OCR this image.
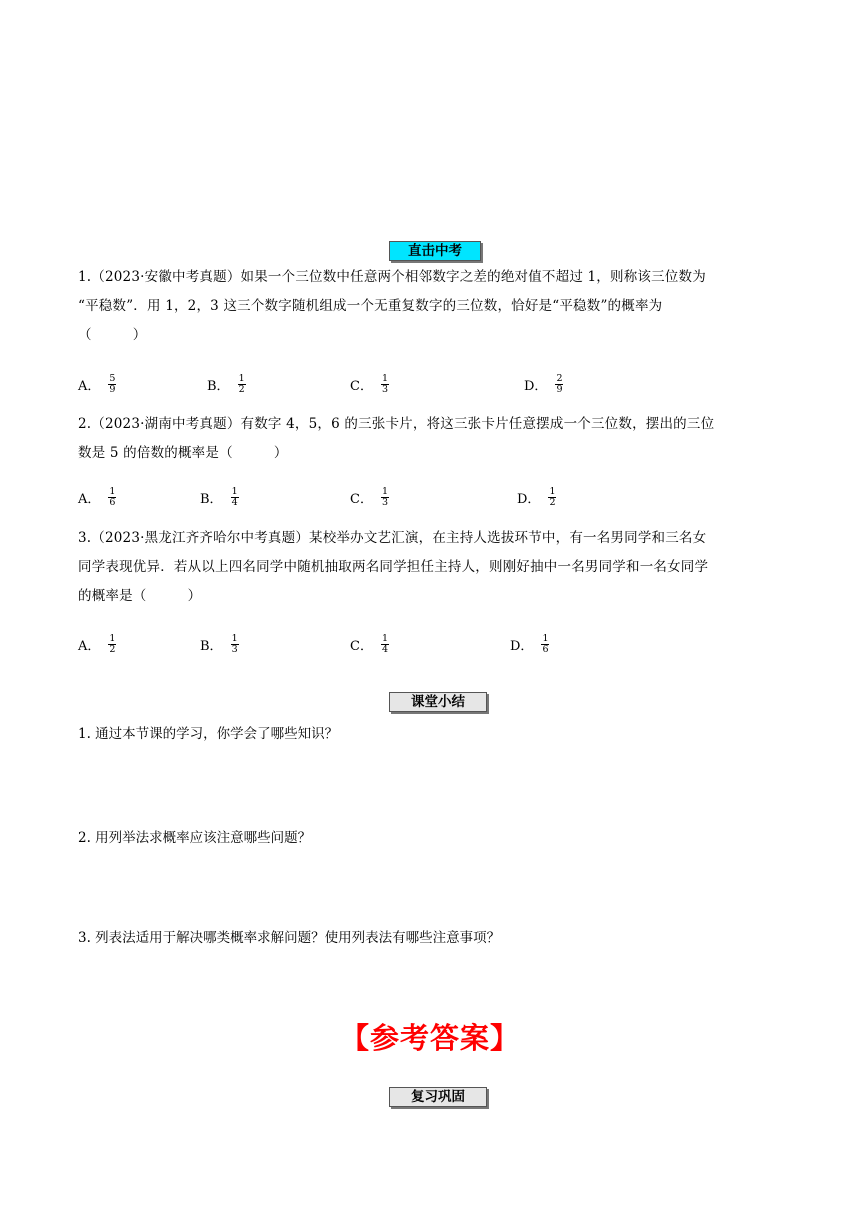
直击中考
1.（2023·安徽中考真题）如果一个三位数中任意两个相邻数字之差的绝对值不超过 1，则称该三位数为
“平稳数”．用 1，2，3 这三个数字随机组成一个无重复数字的三位数，恰好是“平稳数”的概率为
（　　　）
A． $\frac{5}{9}$	B． $\frac{1}{2}$	C． $\frac{1}{3}$	D． $\frac{2}{9}$
2.（2023·湖南中考真题）有数字 4，5，6 的三张卡片，将这三张卡片任意摆成一个三位数，摆出的三位
数是 5 的倍数的概率是（　　　）
A． $\frac{1}{6}$	B． $\frac{1}{4}$	C． $\frac{1}{3}$	D． $\frac{1}{2}$
3.（2023·黑龙江齐齐哈尔中考真题）某校举办文艺汇演，在主持人选拔环节中，有一名男同学和三名女
同学表现优异．若从以上四名同学中随机抽取两名同学担任主持人，则刚好抽中一名男同学和一名女同学
的概率是（　　　）
A． $\frac{1}{2}$	B． $\frac{1}{3}$	C． $\frac{1}{4}$	D． $\frac{1}{6}$
课堂小结
1. 通过本节课的学习，你学会了哪些知识？
2. 用列举法求概率应该注意哪些问题？
3. 列表法适用于解决哪类概率求解问题？使用列表法有哪些注意事项？
【参考答案】
复习巩固
